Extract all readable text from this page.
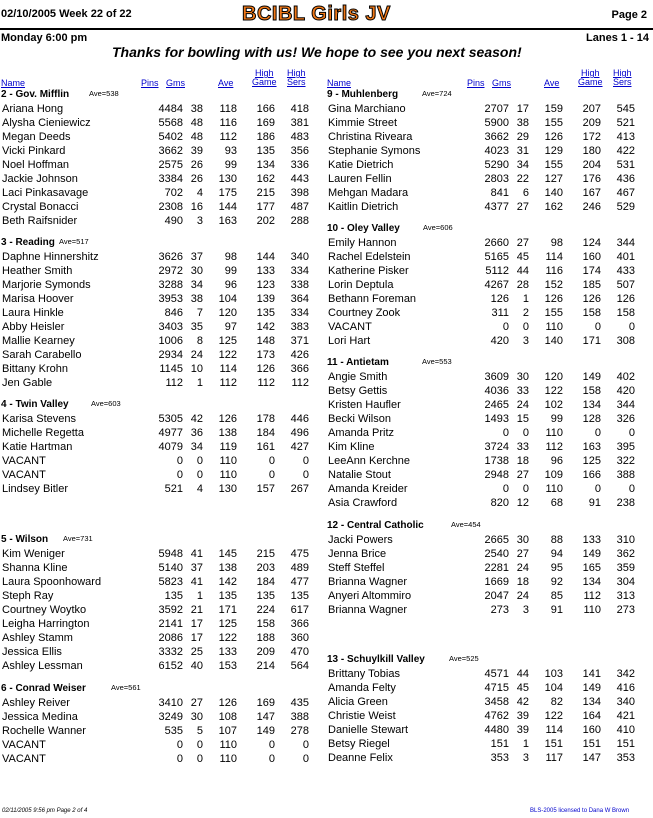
02/10/2005 Week 22 of 22	BCIBL Girls JV	Page 2
Monday 6:00 pm	Lanes 1 - 14
Thanks for bowling with us! We hope to see you next season!
Name	Pins Gms	Ave
High
Game
High
Sers
2 - Gov. Mifflin	Ave=538
Ariana Hong	4484 38 118 166 418
Alysha Cieniewicz	5568 48 116 169 381
Megan Deeds	5402 48 112 186 483
Vicki Pinkard	3662 39 93 135 356
Noel Hoffman	2575 26 99 134 336
Jackie Johnson	3384 26 130 162 443
Laci Pinkasavage	702 4 175 215 398
Crystal Bonacci	2308 16 144 177 487
Beth Raifsnider	490 3 163 202 288
3 - Reading Ave=517
Daphne Hinnershitz	3626 37 98 144 340
Heather Smith	2972 30 99 133 334
Marjorie Symonds	3288 34 96 123 338
Marisa Hoover	3953 38 104 139 364
Laura Hinkle	846 7 120 135 334
Abby Heisler	3403 35 97 142 383
Mallie Kearney	1006 8 125 148 371
Sarah Carabello	2934 24 122 173 426
Bittany Krohn	1145 10 114 126 366
Jen Gable	112 1 112 112 112
4 - Twin Valley	Ave=603
Karisa Stevens	5305 42 126 178 446
Michelle Regetta	4977 36 138 184 496
Katie Hartman	4079 34 119 161 427
VACANT	0 0 110	0	0
VACANT	0 0 110	0	0
Lindsey Bitler	521 4 130 157 267
5 - Wilson Ave=731
Kim Weniger	5948 41 145 215 475
Shanna Kline	5140 37 138 203 489
Laura Spoonhoward	5823 41 142 184 477
Steph Ray	135 1 135 135 135
Courtney Woytko	3592 21 171 224 617
Leigha Harrington	2141 17 125 158 366
Ashley Stamm	2086 17 122 188 360
Jessica Ellis	3332 25 133 209 470
Ashley Lessman	6152 40 153 214 564
6 - Conrad Weiser	Ave=561
Ashley Reiver	3410 27 126 169 435
Jessica Medina	3249 30 108 147 388
Rochelle Wanner	535 5 107 149 278
VACANT	0 0 110	0	0
VACANT	0 0 110	0	0
Name	Pins Gms	Ave
High
Game
High
Sers
9 - Muhlenberg	Ave=724
Gina Marchiano	2707 17 159 207 545
Kimmie Street	5900 38 155 209 521
Christina Riveara	3662 29 126 172 413
Stephanie Symons	4023 31 129 180 422
Katie Dietrich	5290 34 155 204 531
Lauren Fellin	2803 22 127 176 436
Mehgan Madara	841 6 140 167 467
Kaitlin Dietrich	4377 27 162 246 529
10 - Oley Valley	Ave=606
Emily Hannon	2660 27 98 124 344
Rachel Edelstein	5165 45 114 160 401
Katherine Pisker	5112 44 116 174 433
Lorin Deptula	4267 28 152 185 507
Bethann Foreman	126 1 126 126 126
Courtney Zook	311 2 155 158 158
VACANT	0 0 110	0	0
Lori Hart	420 3 140 171 308
11 - Antietam	Ave=553
Angie Smith	3609 30 120 149 402
Betsy Gettis	4036 33 122 158 420
Kristen Haufler	2465 24 102 134 344
Becki Wilson	1493 15 99 128 326
Amanda Pritz	0 0 110	0	0
Kim Kline	3724 33 112 163 395
LeeAnn Kerchne	1738 18 96 125 322
Natalie Stout	2948 27 109 166 388
Amanda Kreider	0 0 110	0	0
Asia Crawford	820 12 68 91 238
12 - Central Catholic	Ave=454
Jacki Powers	2665 30 88 133 310
Jenna Brice	2540 27 94 149 362
Steff Steffel	2281 24 95 165 359
Brianna Wagner	1669 18 92 134 304
Anyeri Altommiro	2047 24 85 112 313
Brianna Wagner	273 3 91 110 273
13 - Schuylkill Valley	Ave=525
Brittany Tobias	4571 44 103 141 342
Amanda Felty	4715 45 104 149 416
Alicia Green	3458 42 82 134 340
Christie Weist	4762 39 122 164 421
Danielle Stewart	4480 39 114 160 410
Betsy Riegel	151 1 151 151 151
Deanne Felix	353 3 117 147 353
02/11/2005 9:56 pm Page 2 of 4	BLS-2005 licensed to Dana W Brown
